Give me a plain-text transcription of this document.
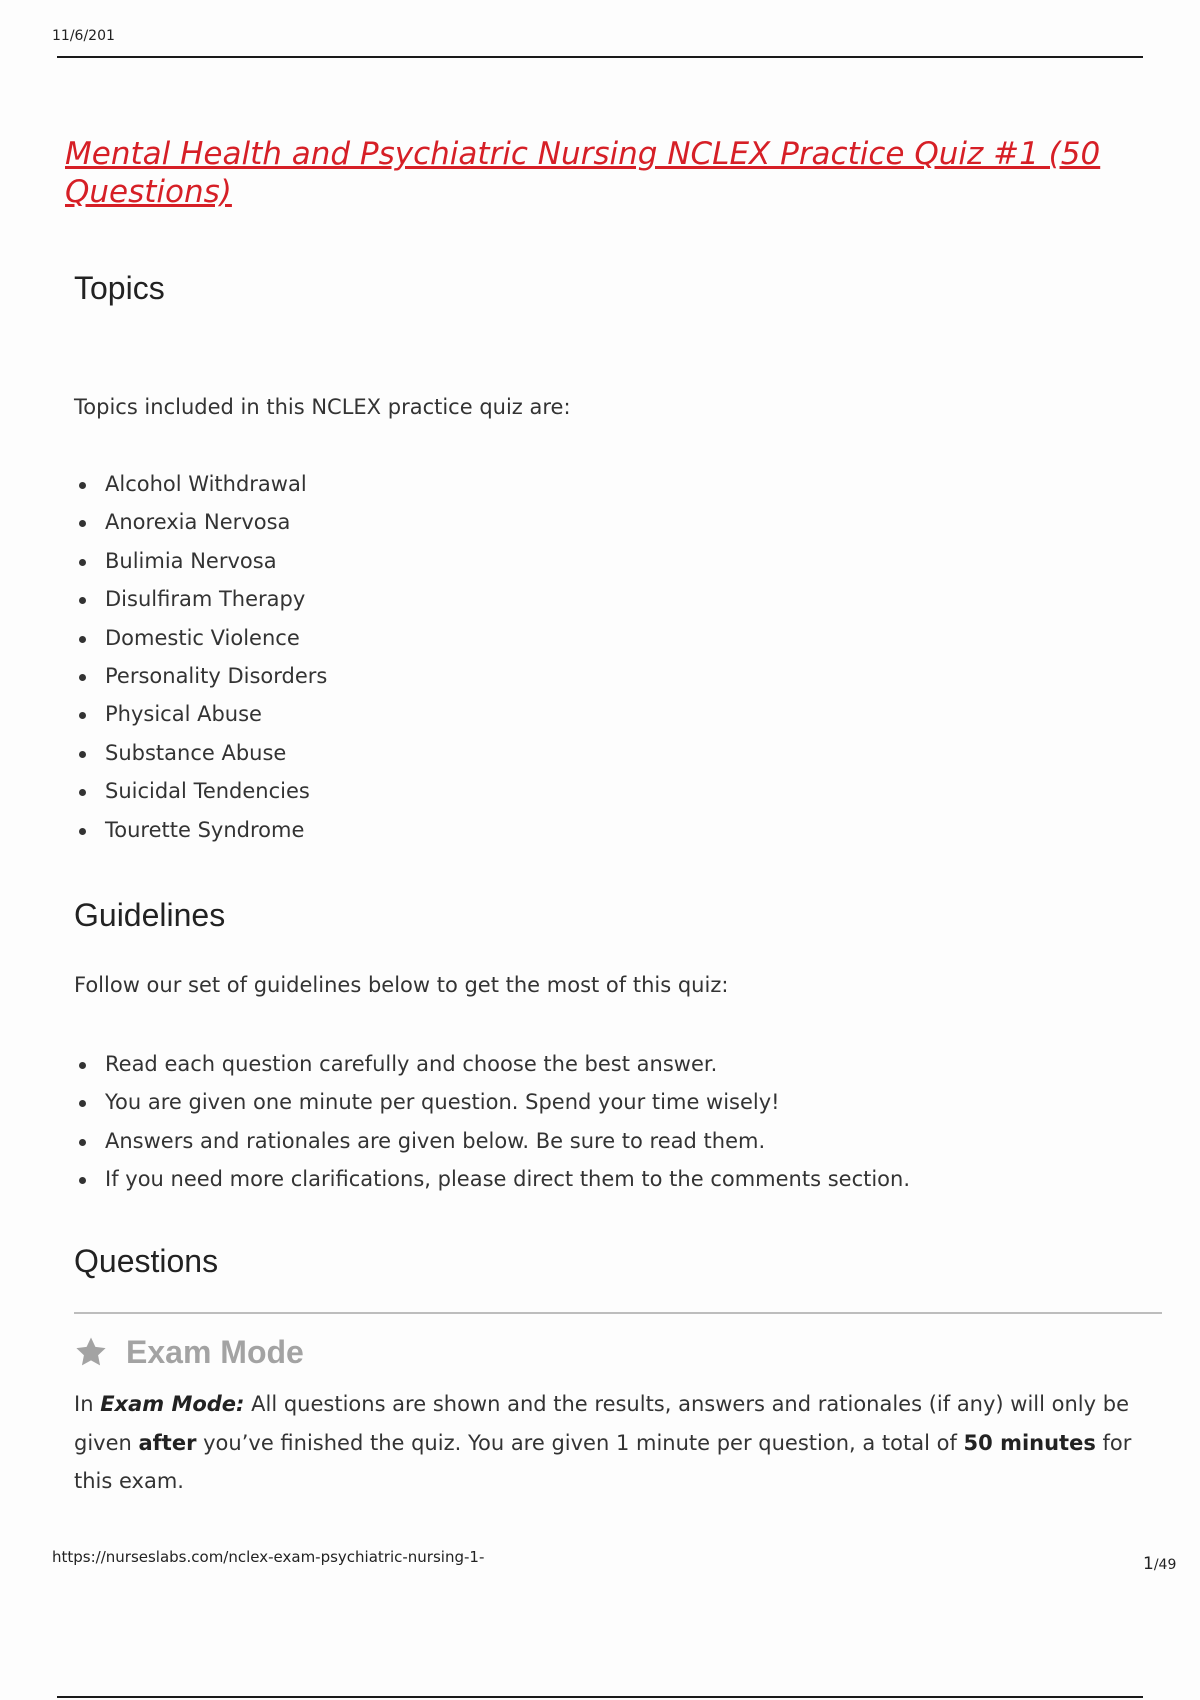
11/6/201
Mental Health and Psychiatric Nursing NCLEX Practice Quiz #1 (50
Questions)
Topics

Topics included in this NCLEX practice quiz are:

Alcohol Withdrawal
Anorexia Nervosa
Bulimia Nervosa
Disulfiram Therapy
Domestic Violence
Personality Disorders
Physical Abuse
Substance Abuse
Suicidal Tendencies
Tourette Syndrome
Guidelines

Follow our set of guidelines below to get the most of this quiz:

Read each question carefully and choose the best answer.
You are given one minute per question. Spend your time wisely!
Answers and rationales are given below. Be sure to read them.
If you need more clarifications, please direct them to the comments section.
Questions
Exam Mode

In Exam Mode: All questions are shown and the results, answers and rationales (if any) will only be given after you’ve finished the quiz. You are given 1 minute per question, a total of 50 minutes for this exam.

https://nurseslabs.com/nclex-exam-psychiatric-nursing-1-	1/49
